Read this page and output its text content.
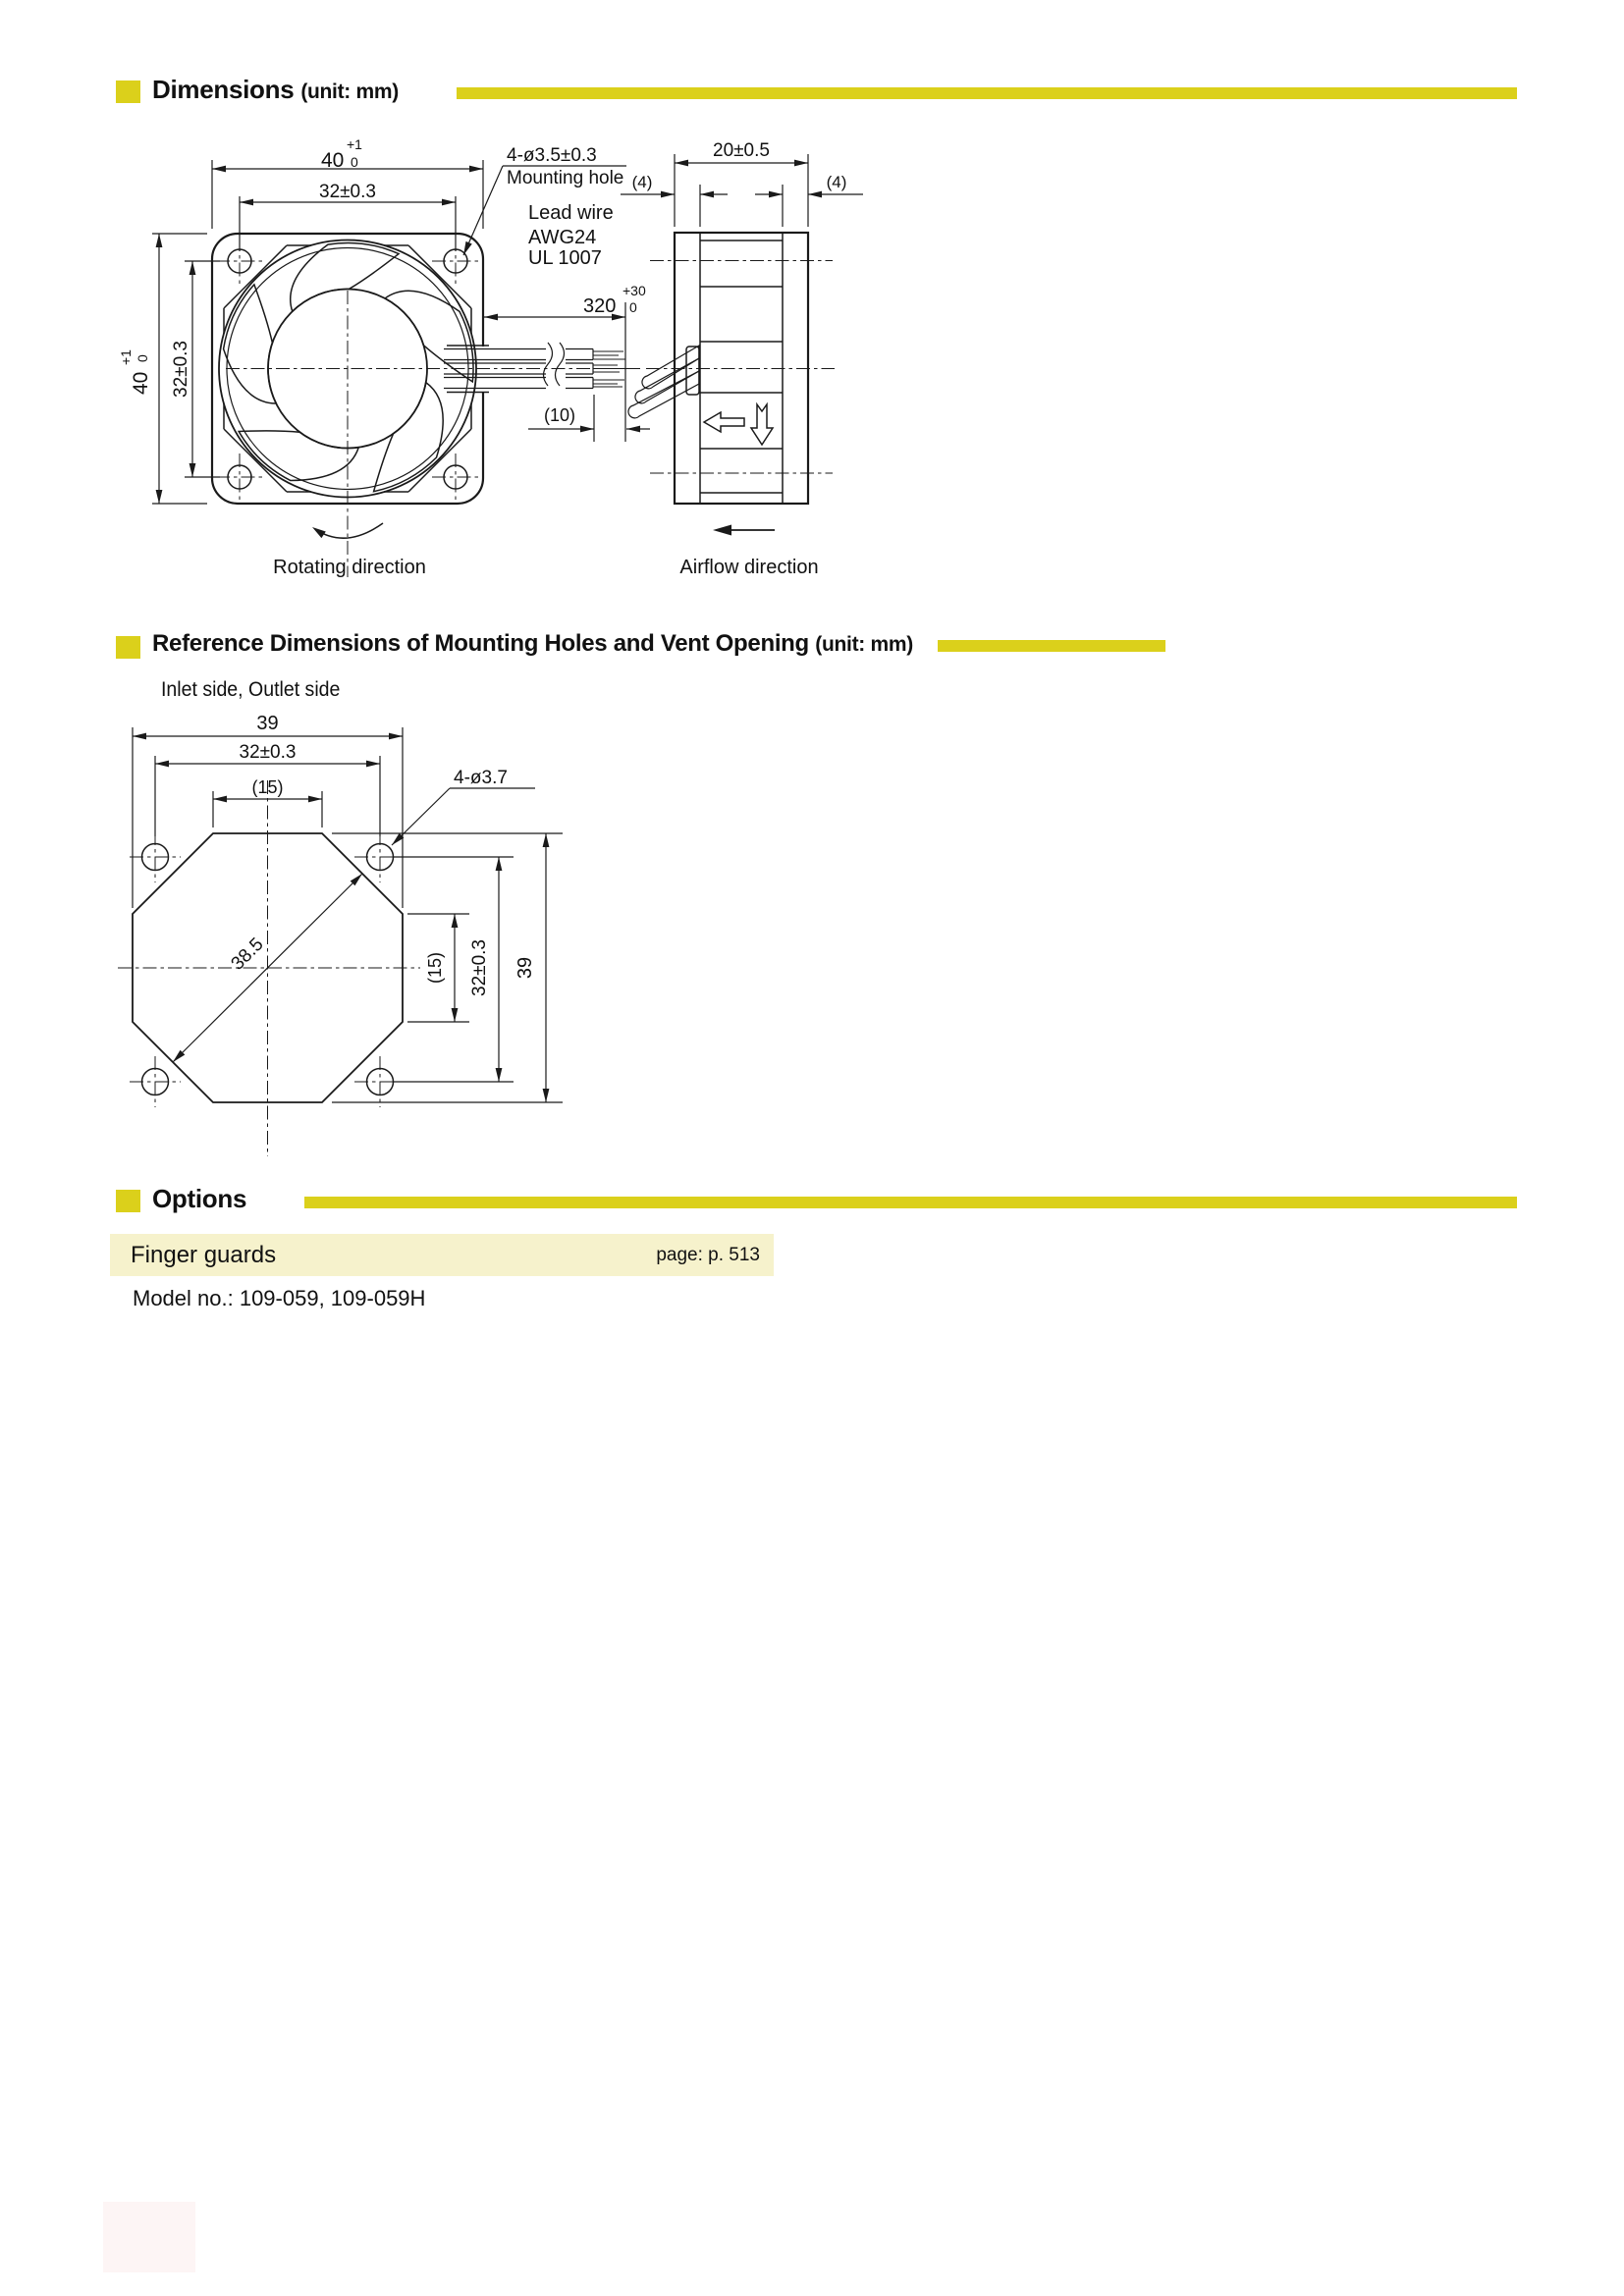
40
+1
0
32±0.3
40
+1 0 32±0.3
4-ø3.5±0.3
Mounting hole
Lead wire
AWG24
UL 1007
320
+30
0
(10)
Rotating direction
20±0.5
(4)	(4)
Airflow direction
39
32±0.3
(15)	4-ø3.7
38.5	(15) 32±0.3 39
Dimensions (unit: mm)
Reference Dimensions of Mounting Holes and Vent Opening (unit: mm)
Inlet side, Outlet side
Options
Finger guards	page: p. 513
Model no.: 109-059, 109-059H
